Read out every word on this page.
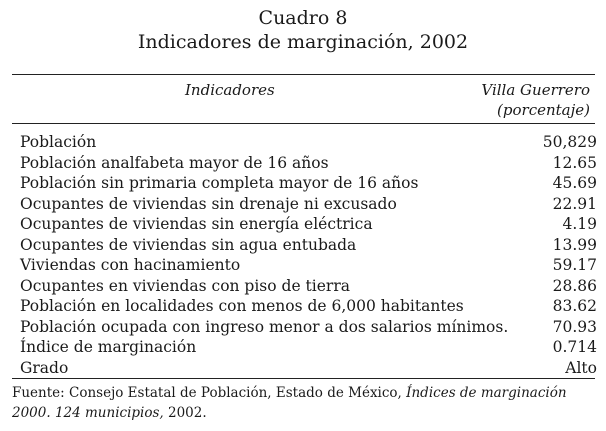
Cuadro 8
Indicadores de marginación, 2002
Indicadores	Villa Guerrero
(porcentaje)
Población	50,829
Población analfabeta mayor de 16 años	12.65
Población sin primaria completa mayor de 16 años	45.69
Ocupantes de viviendas sin drenaje ni excusado	22.91
Ocupantes de viviendas sin energía eléctrica	4.19
Ocupantes de viviendas sin agua entubada	13.99
Viviendas con hacinamiento	59.17
Ocupantes en viviendas con piso de tierra	28.86
Población en localidades con menos de 6,000 habitantes	83.62
Población ocupada con ingreso menor a dos salarios mínimos.	70.93
Índice de marginación	0.714
Grado	Alto
Fuente: Consejo Estatal de Población, Estado de México, Índices de marginación 2000. 124 municipios, 2002.
